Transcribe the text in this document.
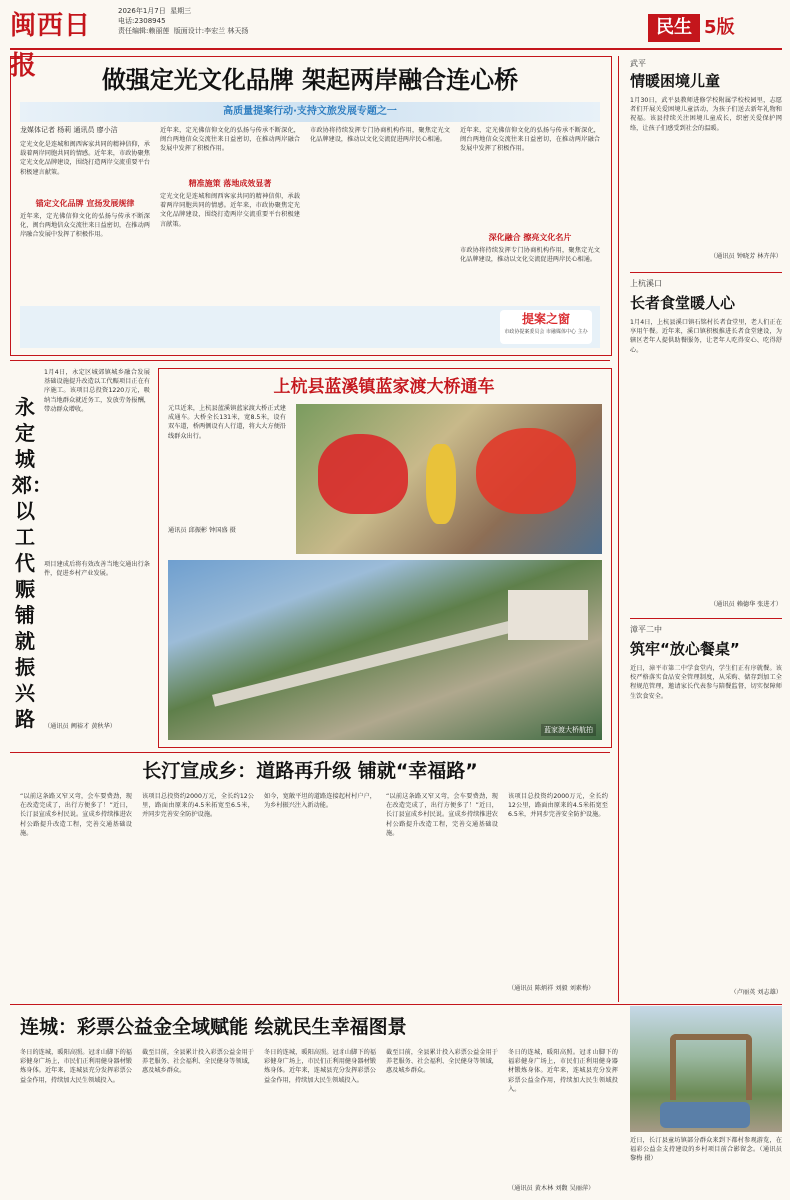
闽西日报
2026年1月7日 星期三
电话:2308945
责任编辑:赖丽莲 版面设计:李宏兰 林天扬	民生 5版
做强定光文化品牌 架起两岸融合连心桥
高质量提案行动·支持文旅发展专题之一
龙媒体记者 杨莉 通讯员 廖小洁
定光文化是连城和闽西客家共同的精神信仰，承载着两岸同胞共同的情感。近年来，市政协聚焦定光文化品牌建设，围绕打造两岸交流重要平台积极建言献策。
锚定文化品牌 宣扬发展规律
近年来，定光佛信仰文化的弘扬与传承不断深化，闽台两地信众交流往来日益密切，在推动两岸融合发展中发挥了积极作用。
近年来，定光佛信仰文化的弘扬与传承不断深化，闽台两地信众交流往来日益密切，在推动两岸融合发展中发挥了积极作用。
精准施策 落地成效显著
定光文化是连城和闽西客家共同的精神信仰，承载着两岸同胞共同的情感。近年来，市政协聚焦定光文化品牌建设，围绕打造两岸交流重要平台积极建言献策。
市政协将持续发挥专门协商机构作用，聚焦定光文化品牌建设，推动以文化交流促进两岸民心相通。
近年来，定光佛信仰文化的弘扬与传承不断深化，闽台两地信众交流往来日益密切，在推动两岸融合发展中发挥了积极作用。
深化融合 擦亮文化名片
市政协将持续发挥专门协商机构作用，聚焦定光文化品牌建设，推动以文化交流促进两岸民心相通。
提案之窗
市政协提案委员会 市融媒体中心 主办
永定城郊：以工代赈铺就振兴路
1月4日，永定区城郊镇城乡融合发展基础设施提升改造以工代赈项目正在有序施工。该项目总投资1220万元，吸纳当地群众就近务工，发放劳务报酬，带动群众增收。
项目建成后将有效改善当地交通出行条件，促进乡村产业发展。
（通讯员 阙裕才 黄秋华）
上杭县蓝溪镇蓝家渡大桥通车
元旦近来，上杭县蓝溪镇蓝家渡大桥正式建成通车。大桥全长131米，宽8.5米，设有双车道，桥两侧设有人行道，将大大方便沿线群众出行。
通讯员 邱振彬 钟国盛 摄
蓝家渡大桥航拍
长汀宣成乡：道路再升级 铺就“幸福路”
“以前这条路又窄又弯，会车要费劲，现在改造完成了，出行方便多了！”近日，长汀县宣成乡村民说。宣成乡持续推进农村公路提升改造工程，完善交通基础设施。
该项目总投资约2000万元，全长约12公里，路面由原来的4.5米拓宽至6.5米，并同步完善安全防护设施。
如今，宽敞平坦的道路连接起村村户户，为乡村振兴注入新动能。
“以前这条路又窄又弯，会车要费劲，现在改造完成了，出行方便多了！”近日，长汀县宣成乡村民说。宣成乡持续推进农村公路提升改造工程，完善交通基础设施。
该项目总投资约2000万元，全长约12公里，路面由原来的4.5米拓宽至6.5米，并同步完善安全防护设施。
（通讯员 陈炳祥 刘毅 刘素梅）
连城：彩票公益金全域赋能 绘就民生幸福图景
冬日的连城，暖阳高照。冠豸山脚下的福彩健身广场上，市民们正利用健身器材锻炼身体。近年来，连城县充分发挥彩票公益金作用，持续加大民生领域投入。
截至目前，全县累计投入彩票公益金用于养老服务、社会福利、全民健身等领域，惠及城乡群众。
冬日的连城，暖阳高照。冠豸山脚下的福彩健身广场上，市民们正利用健身器材锻炼身体。近年来，连城县充分发挥彩票公益金作用，持续加大民生领域投入。
截至目前，全县累计投入彩票公益金用于养老服务、社会福利、全民健身等领域，惠及城乡群众。
冬日的连城，暖阳高照。冠豸山脚下的福彩健身广场上，市民们正利用健身器材锻炼身体。近年来，连城县充分发挥彩票公益金作用，持续加大民生领域投入。
（通讯员 黄木林 刘馥 吴丽萍）
近日，长汀县童坊镇部分群众来到下都村参观游览，在福彩公益金支持建设的乡村项目前合影留念。（通讯员 黎梅 摄）
武平
情暖困境儿童
1月30日，武平县教师进修学校附属学校校园里，志愿者们开展关爱困境儿童活动，为孩子们送去新年礼物和祝福。该县持续关注困境儿童成长，织密关爱保护网络，让孩子们感受到社会的温暖。
（通讯员 钟晓芳 林卉萍）
上杭溪口
长者食堂暖人心
1月4日，上杭县溪口镇石铭村长者食堂里，老人们正在享用午餐。近年来，溪口镇积极推进长者食堂建设，为辖区老年人提供助餐服务，让老年人吃得安心、吃得舒心。
（通讯员 赖德华 张进才）
漳平二中
筑牢“放心餐桌”
近日，漳平市第二中学食堂内，学生们正有序就餐。该校严格落实食品安全管理制度，从采购、储存到加工全程规范管理，邀请家长代表参与陪餐监督，切实保障师生饮食安全。
（卢丽英 刘志雄）
